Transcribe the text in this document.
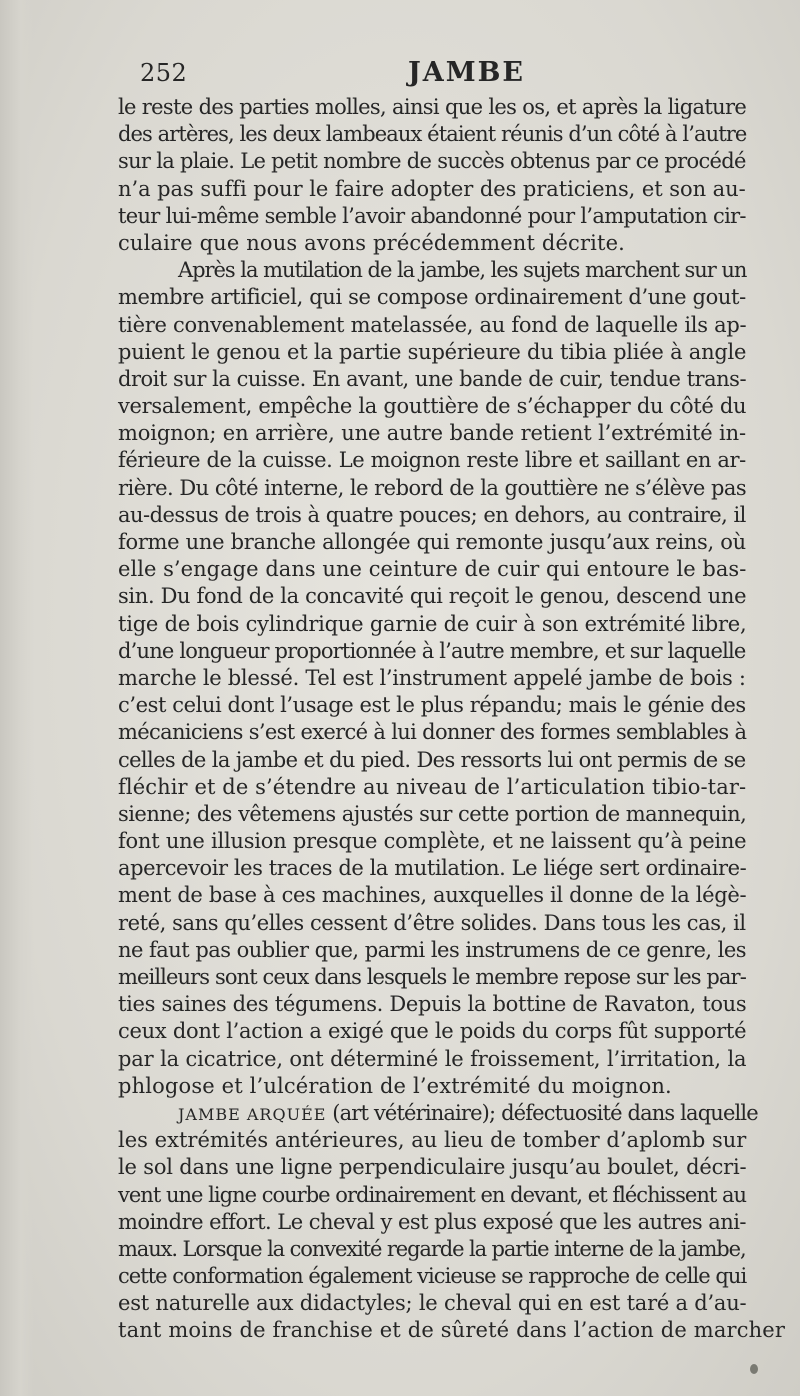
252	JAMBE
le reste des parties molles, ainsi que les os, et après la ligature
des artères, les deux lambeaux étaient réunis d’un côté à l’autre
sur la plaie. Le petit nombre de succès obtenus par ce procédé
n’a pas suffi pour le faire adopter des praticiens, et son au-
teur lui-même semble l’avoir abandonné pour l’amputation cir-
culaire que nous avons précédemment décrite.
Après la mutilation de la jambe, les sujets marchent sur un
membre artificiel, qui se compose ordinairement d’une gout-
tière convenablement matelassée, au fond de laquelle ils ap-
puient le genou et la partie supérieure du tibia pliée à angle
droit sur la cuisse. En avant, une bande de cuir, tendue trans-
versalement, empêche la gouttière de s’échapper du côté du
moignon; en arrière, une autre bande retient l’extrémité in-
férieure de la cuisse. Le moignon reste libre et saillant en ar-
rière. Du côté interne, le rebord de la gouttière ne s’élève pas
au-dessus de trois à quatre pouces; en dehors, au contraire, il
forme une branche allongée qui remonte jusqu’aux reins, où
elle s’engage dans une ceinture de cuir qui entoure le bas-
sin. Du fond de la concavité qui reçoit le genou, descend une
tige de bois cylindrique garnie de cuir à son extrémité libre,
d’une longueur proportionnée à l’autre membre, et sur laquelle
marche le blessé. Tel est l’instrument appelé jambe de bois :
c’est celui dont l’usage est le plus répandu; mais le génie des
mécaniciens s’est exercé à lui donner des formes semblables à
celles de la jambe et du pied. Des ressorts lui ont permis de se
fléchir et de s’étendre au niveau de l’articulation tibio-tar-
sienne; des vêtemens ajustés sur cette portion de mannequin,
font une illusion presque complète, et ne laissent qu’à peine
apercevoir les traces de la mutilation. Le liége sert ordinaire-
ment de base à ces machines, auxquelles il donne de la légè-
reté, sans qu’elles cessent d’être solides. Dans tous les cas, il
ne faut pas oublier que, parmi les instrumens de ce genre, les
meilleurs sont ceux dans lesquels le membre repose sur les par-
ties saines des tégumens. Depuis la bottine de Ravaton, tous
ceux dont l’action a exigé que le poids du corps fût supporté
par la cicatrice, ont déterminé le froissement, l’irritation, la
phlogose et l’ulcération de l’extrémité du moignon.
JAMBE ARQUÉE (art vétérinaire); défectuosité dans laquelle
les extrémités antérieures, au lieu de tomber d’aplomb sur
le sol dans une ligne perpendiculaire jusqu’au boulet, décri-
vent une ligne courbe ordinairement en devant, et fléchissent au
moindre effort. Le cheval y est plus exposé que les autres ani-
maux. Lorsque la convexité regarde la partie interne de la jambe,
cette conformation également vicieuse se rapproche de celle qui
est naturelle aux didactyles; le cheval qui en est taré a d’au-
tant moins de franchise et de sûreté dans l’action de marcher
